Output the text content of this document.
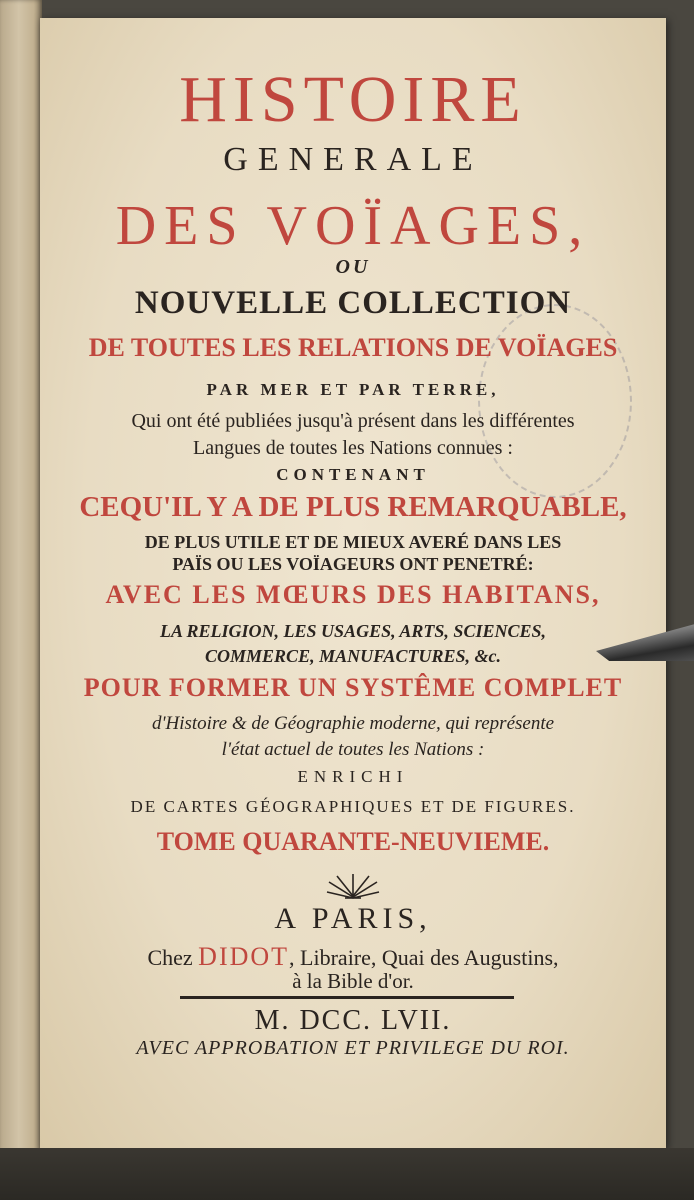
HISTOIRE
GENERALE
DES VOÏAGES,
OU
NOUVELLE COLLECTION
DE TOUTES LES RELATIONS DE VOÏAGES
PAR MER ET PAR TERRE,
Qui ont été publiées jusqu'à présent dans les différentes
Langues de toutes les Nations connues :
CONTENANT
CEQU'IL Y A DE PLUS REMARQUABLE,
DE PLUS UTILE ET DE MIEUX AVERÉ DANS LES
PAÏS OU LES VOÏAGEURS ONT PENETRÉ:
AVEC LES MŒURS DES HABITANS,
LA RELIGION, LES USAGES, ARTS, SCIENCES,
COMMERCE, MANUFACTURES, &c.
POUR FORMER UN SYSTÊME COMPLET
d'Histoire & de Géographie moderne, qui représente
l'état actuel de toutes les Nations :
ENRICHI
DE CARTES GÉOGRAPHIQUES ET DE FIGURES.
TOME QUARANTE-NEUVIEME.
A PARIS,
Chez DIDOT, Libraire, Quai des Augustins,
à la Bible d'or.
M. DCC. LVII.
AVEC APPROBATION ET PRIVILEGE DU ROI.
